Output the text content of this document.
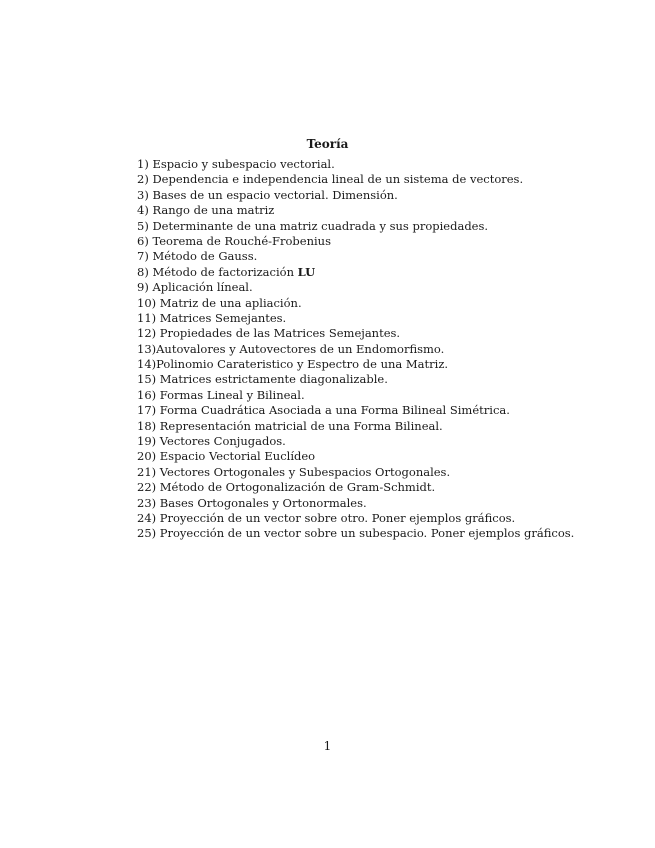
Teoría
1) Espacio y subespacio vectorial.
2) Dependencia e independencia lineal de un sistema de vectores.
3) Bases de un espacio vectorial. Dimensión.
4) Rango de una matriz
5) Determinante de una matriz cuadrada y sus propiedades.
6) Teorema de Rouché-Frobenius
7) Método de Gauss.
8) Método de factorización LU
9) Aplicación líneal.
10) Matriz de una apliación.
11) Matrices Semejantes.
12) Propiedades de las Matrices Semejantes.
13)Autovalores y Autovectores de un Endomorfismo.
14)Polinomio Carateristico y Espectro de una Matriz.
15) Matrices estrictamente diagonalizable.
16) Formas Lineal y Bilineal.
17) Forma Cuadrática Asociada a una Forma Bilineal Simétrica.
18) Representación matricial de una Forma Bilineal.
19) Vectores Conjugados.
20) Espacio Vectorial Euclídeo
21) Vectores Ortogonales y Subespacios Ortogonales.
22) Método de Ortogonalización de Gram-Schmidt.
23) Bases Ortogonales y Ortonormales.
24) Proyección de un vector sobre otro. Poner ejemplos gráficos.
25) Proyección de un vector sobre un subespacio. Poner ejemplos gráficos.
1
